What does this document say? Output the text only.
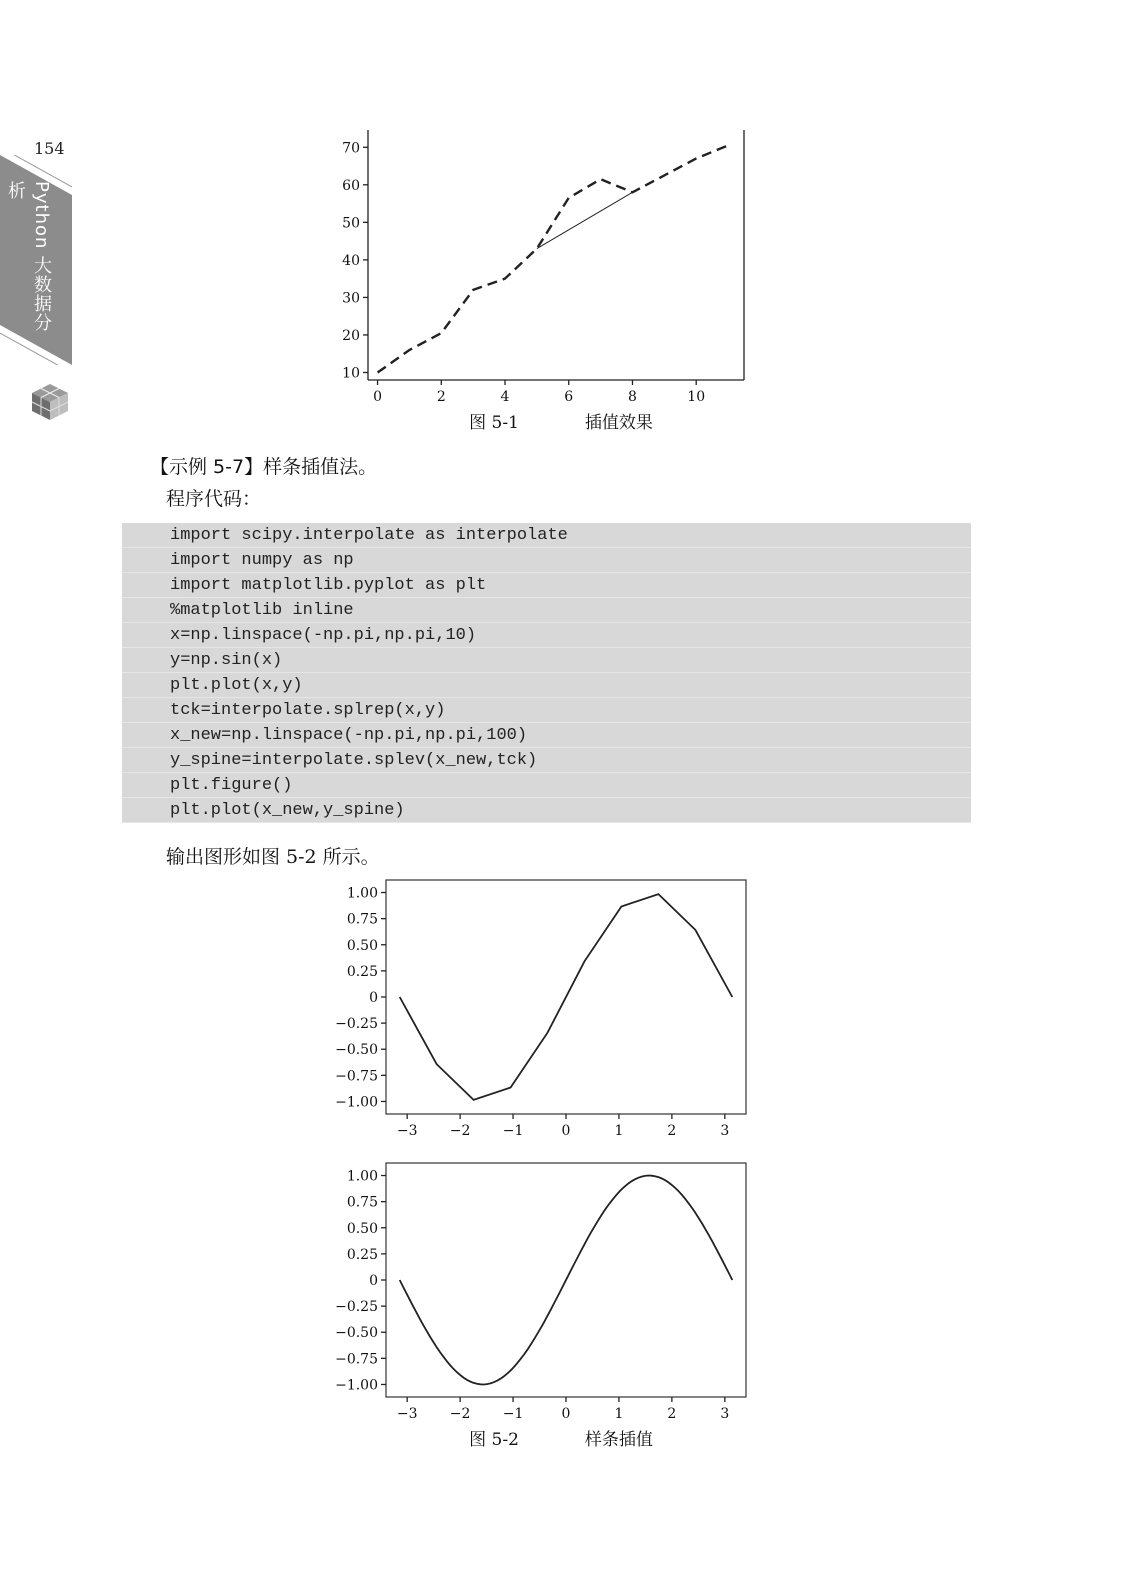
154
Python 大数据分析
0	2	4	6	8	10
10
20
30
40
50
60
70
图 5-1	插值效果
【示例 5-7】样条插值法。
程序代码：
import scipy.interpolate as interpolate
import numpy as np
import matplotlib.pyplot as plt
%matplotlib inline
x=np.linspace(-np.pi,np.pi,10)
y=np.sin(x)
plt.plot(x,y)
tck=interpolate.splrep(x,y)
x_new=np.linspace(-np.pi,np.pi,100)
y_spine=interpolate.splev(x_new,tck)
plt.figure()
plt.plot(x_new,y_spine)
输出图形如图 5-2 所示。
−3 −2 −1	0	1	2	3
1.00
0.75
0.50
0.25
0
−0.25
−0.50
−0.75
−1.00
−3 −2 −1	0	1	2	3
1.00
0.75
0.50
0.25
0
−0.25
−0.50
−0.75
−1.00
图 5-2	样条插值
